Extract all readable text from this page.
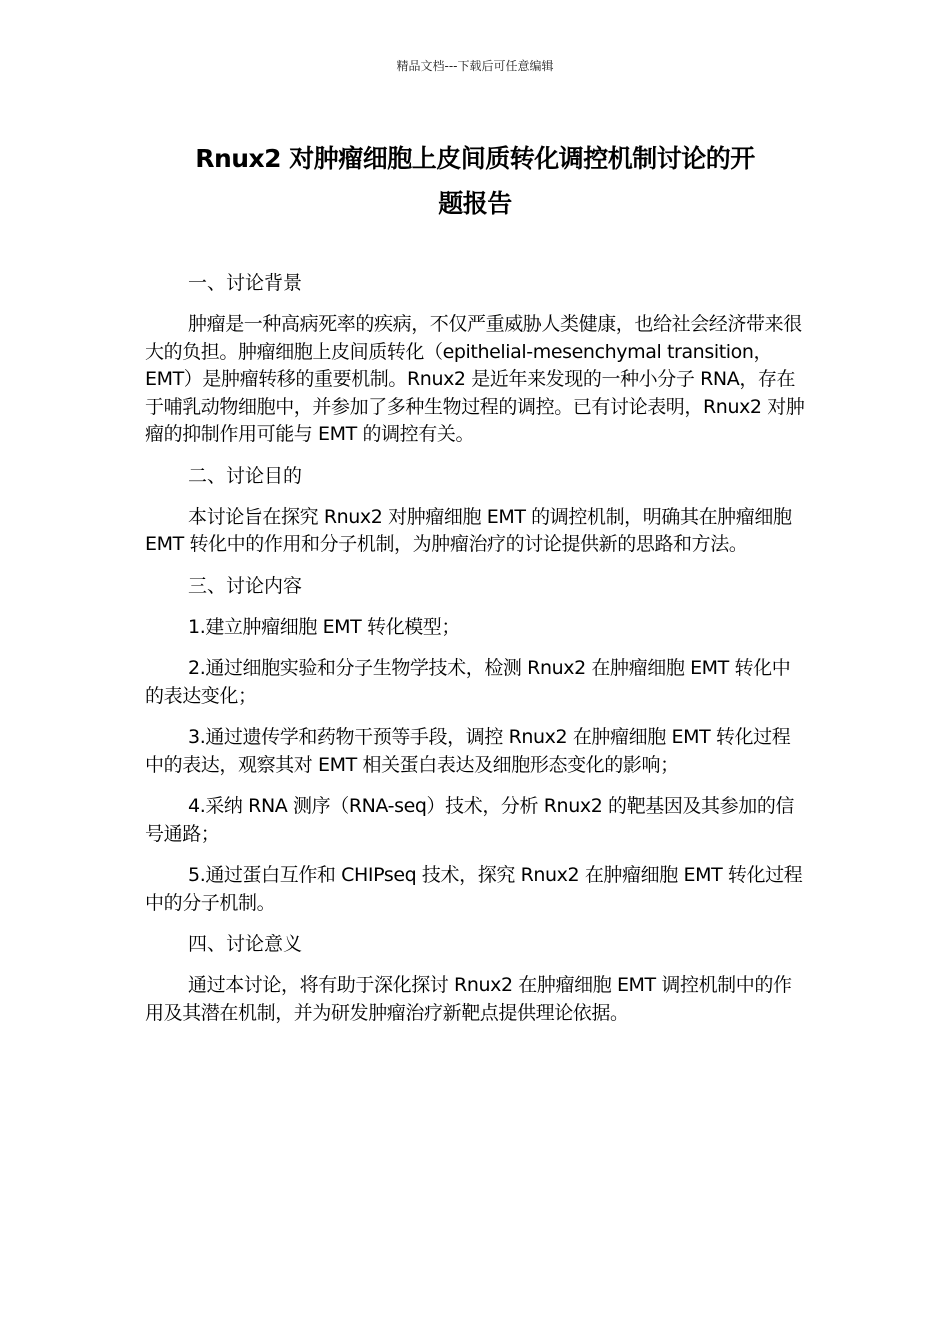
精品文档---下载后可任意编辑
Rnux2 对肿瘤细胞上皮间质转化调控机制讨论的开
题报告
一、讨论背景
肿瘤是一种高病死率的疾病，不仅严重威胁人类健康，也给社会经济带来很大的负担。肿瘤细胞上皮间质转化（epithelial-mesenchymal transition，EMT）是肿瘤转移的重要机制。Rnux2 是近年来发现的一种小分子 RNA，存在于哺乳动物细胞中，并参加了多种生物过程的调控。已有讨论表明，Rnux2 对肿瘤的抑制作用可能与 EMT 的调控有关。
二、讨论目的
本讨论旨在探究 Rnux2 对肿瘤细胞 EMT 的调控机制，明确其在肿瘤细胞 EMT 转化中的作用和分子机制，为肿瘤治疗的讨论提供新的思路和方法。
三、讨论内容
1.建立肿瘤细胞 EMT 转化模型；
2.通过细胞实验和分子生物学技术，检测 Rnux2 在肿瘤细胞 EMT 转化中的表达变化；
3.通过遗传学和药物干预等手段，调控 Rnux2 在肿瘤细胞 EMT 转化过程中的表达，观察其对 EMT 相关蛋白表达及细胞形态变化的影响；
4.采纳 RNA 测序（RNA-seq）技术，分析 Rnux2 的靶基因及其参加的信号通路；
5.通过蛋白互作和 CHIPseq 技术，探究 Rnux2 在肿瘤细胞 EMT 转化过程中的分子机制。
四、讨论意义
通过本讨论，将有助于深化探讨 Rnux2 在肿瘤细胞 EMT 调控机制中的作用及其潜在机制，并为研发肿瘤治疗新靶点提供理论依据。
